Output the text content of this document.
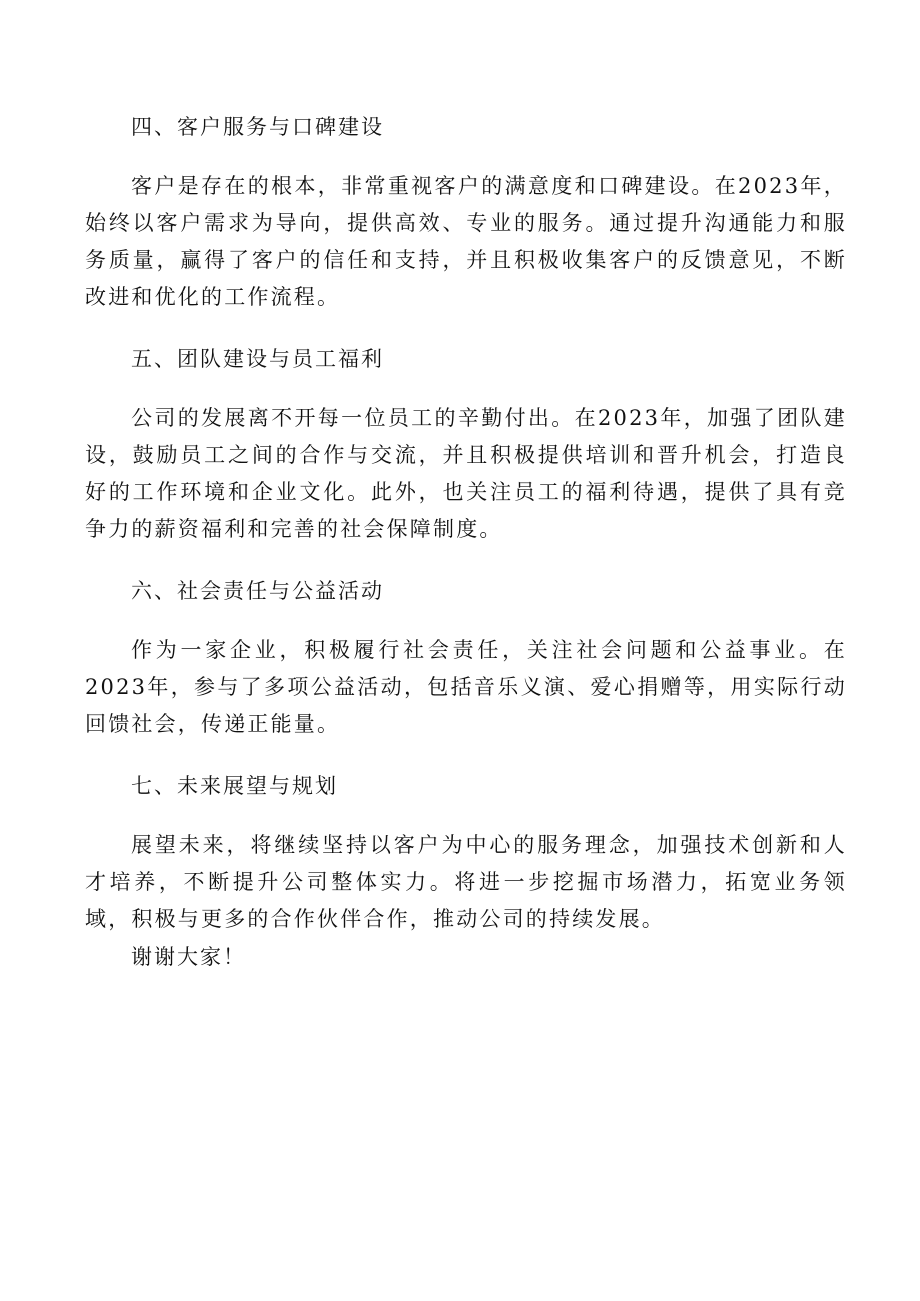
四、客户服务与口碑建设

客户是存在的根本，非常重视客户的满意度和口碑建设。在2023年，始终以客户需求为导向，提供高效、专业的服务。通过提升沟通能力和服务质量，赢得了客户的信任和支持，并且积极收集客户的反馈意见，不断改进和优化的工作流程。

五、团队建设与员工福利

公司的发展离不开每一位员工的辛勤付出。在2023年，加强了团队建设，鼓励员工之间的合作与交流，并且积极提供培训和晋升机会，打造良好的工作环境和企业文化。此外，也关注员工的福利待遇，提供了具有竞争力的薪资福利和完善的社会保障制度。

六、社会责任与公益活动

作为一家企业，积极履行社会责任，关注社会问题和公益事业。在2023年，参与了多项公益活动，包括音乐义演、爱心捐赠等，用实际行动回馈社会，传递正能量。

七、未来展望与规划

展望未来，将继续坚持以客户为中心的服务理念，加强技术创新和人才培养，不断提升公司整体实力。将进一步挖掘市场潜力，拓宽业务领域，积极与更多的合作伙伴合作，推动公司的持续发展。

谢谢大家！
